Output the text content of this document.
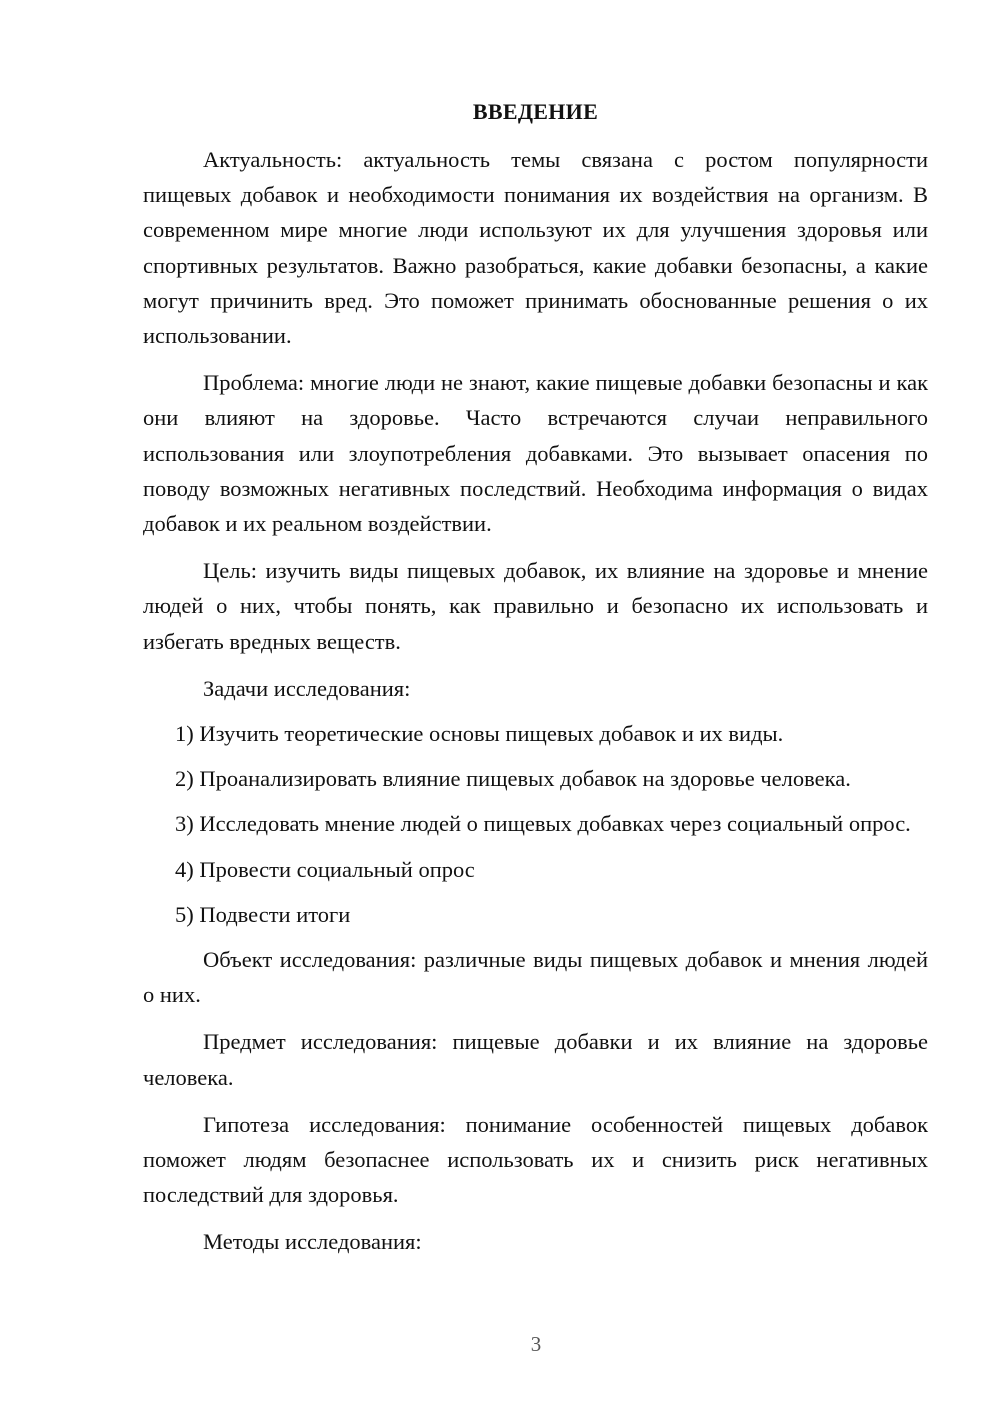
ВВЕДЕНИЕ

Актуальность: актуальность темы связана с ростом популярности пищевых добавок и необходимости понимания их воздействия на организм. В современном мире многие люди используют их для улучшения здоровья или спортивных результатов. Важно разобраться, какие добавки безопасны, а какие могут причинить вред. Это поможет принимать обоснованные решения о их использовании.

Проблема: многие люди не знают, какие пищевые добавки безопасны и как они влияют на здоровье. Часто встречаются случаи неправильного использования или злоупотребления добавками. Это вызывает опасения по поводу возможных негативных последствий. Необходима информация о видах добавок и их реальном воздействии.

Цель: изучить виды пищевых добавок, их влияние на здоровье и мнение людей о них, чтобы понять, как правильно и безопасно их использовать и избегать вредных веществ.

Задачи исследования:

1) Изучить теоретические основы пищевых добавок и их виды.

2) Проанализировать влияние пищевых добавок на здоровье человека.

3) Исследовать мнение людей о пищевых добавках через социальный опрос.

4) Провести социальный опрос

5) Подвести итоги

Объект исследования: различные виды пищевых добавок и мнения людей о них.

Предмет исследования: пищевые добавки и их влияние на здоровье человека.

Гипотеза исследования: понимание особенностей пищевых добавок поможет людям безопаснее использовать их и снизить риск негативных последствий для здоровья.

Методы исследования:

3
